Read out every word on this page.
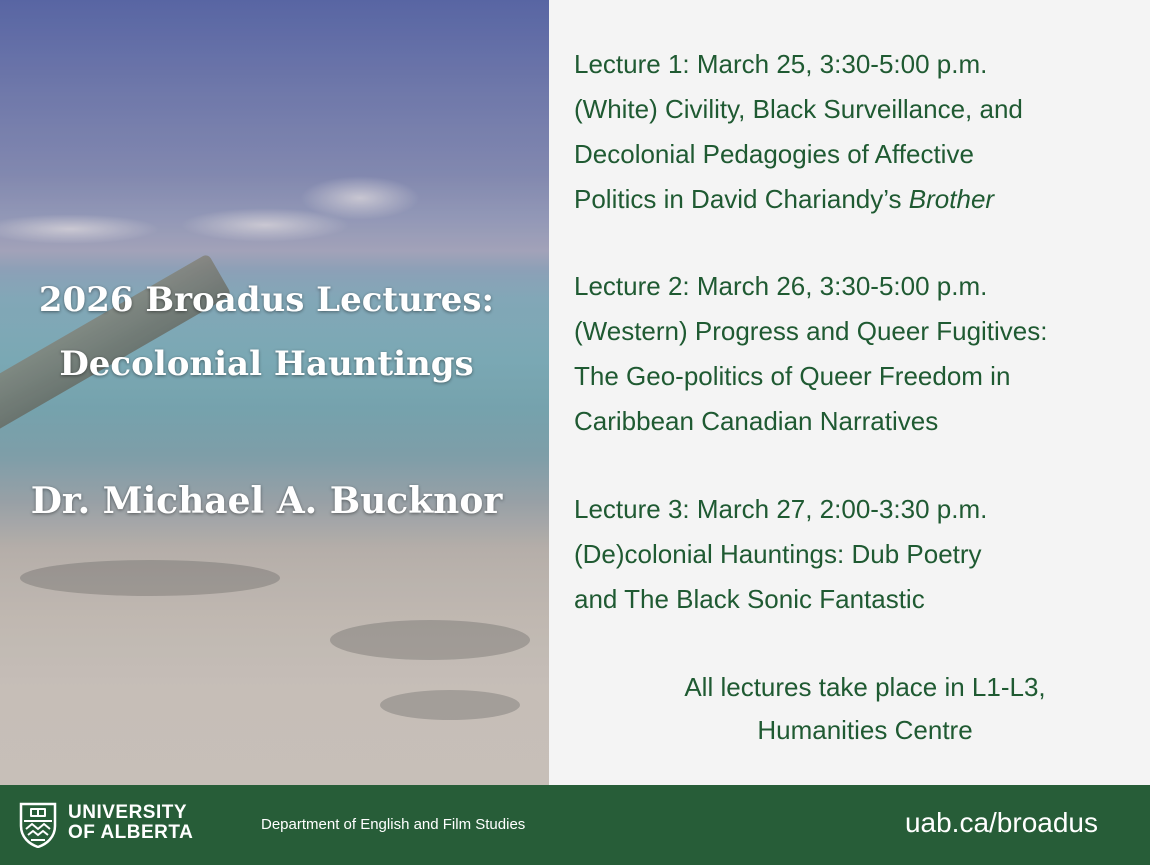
2026 Broadus Lectures:
Decolonial Hauntings
Dr. Michael A. Bucknor

Lecture 1: March 25, 3:30-5:00 p.m.

(White) Civility, Black Surveillance, and

Decolonial Pedagogies of Affective

Politics in David Chariandy’s Brother

Lecture 2: March 26, 3:30-5:00 p.m.

(Western) Progress and Queer Fugitives:

The Geo-politics of Queer Freedom in

Caribbean Canadian Narratives

Lecture 3: March 27, 2:00-3:30 p.m.

(De)colonial Hauntings: Dub Poetry

and The Black Sonic Fantastic

All lectures take place in L1-L3,

Humanities Centre

UNIVERSITY
OF ALBERTA	Department of English and Film Studies	uab.ca/broadus
